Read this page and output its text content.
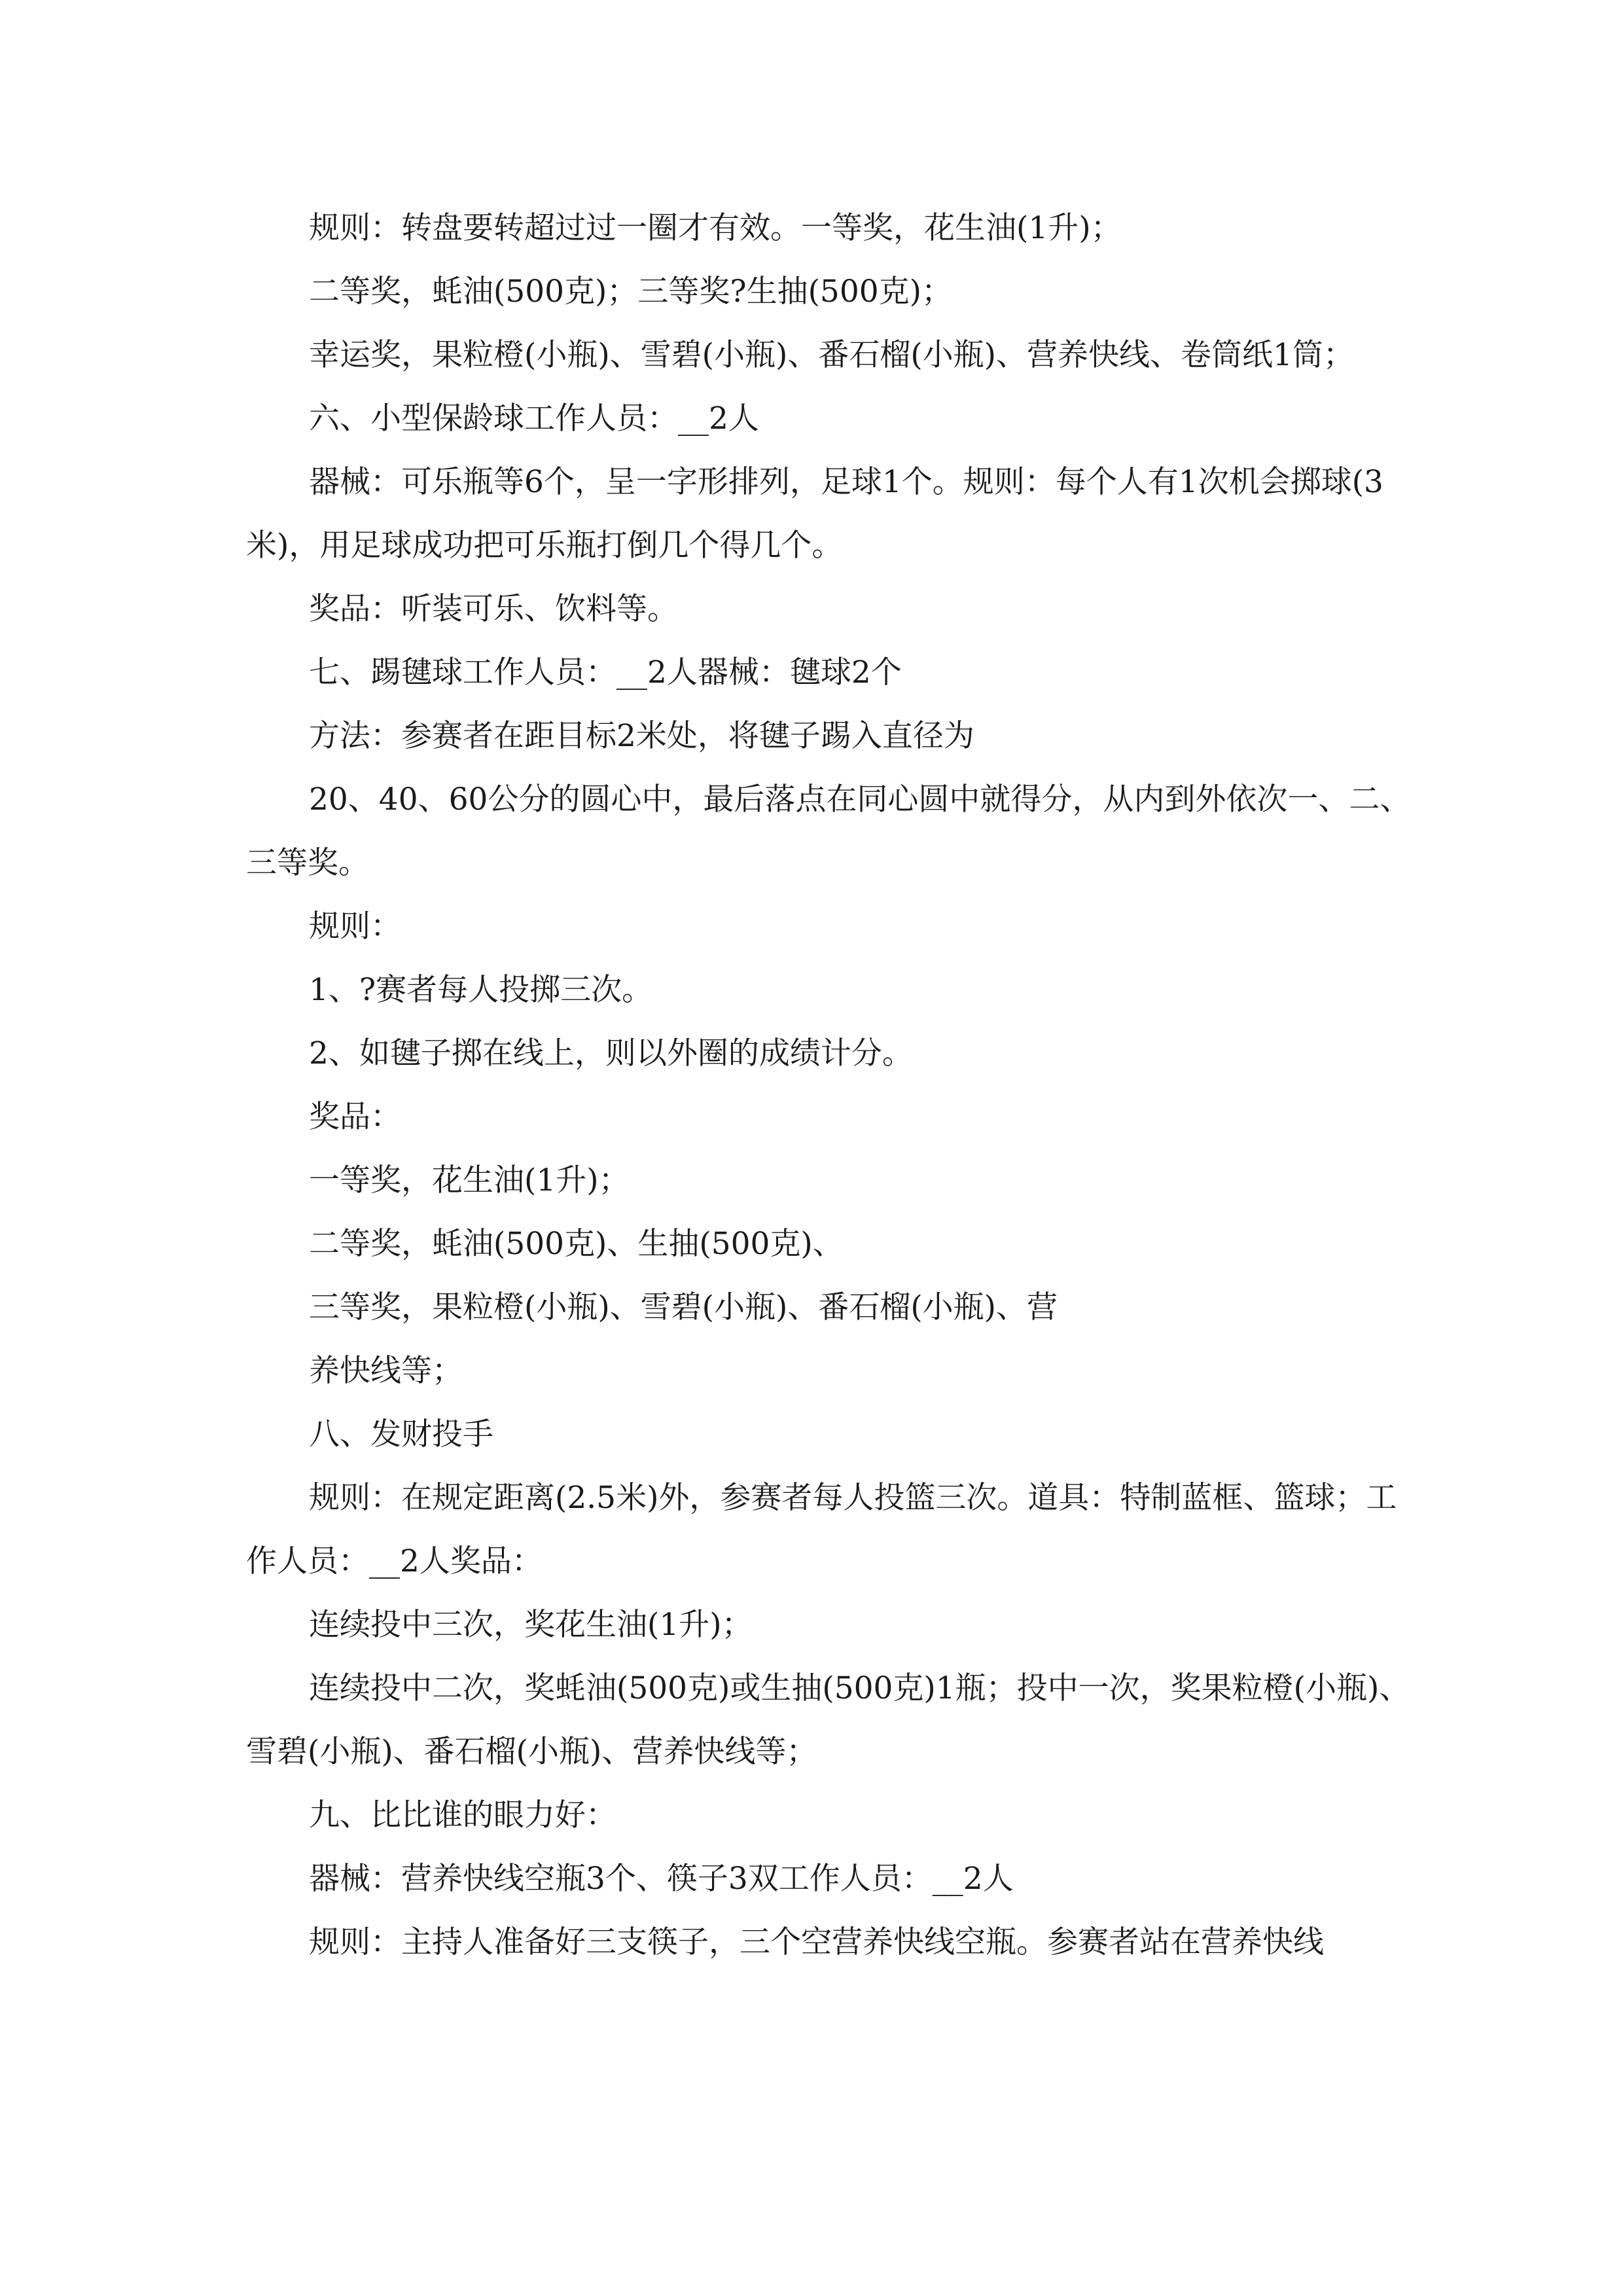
规则：转盘要转超过过一圈才有效。一等奖，花生油(1升)；

二等奖，蚝油(500克)；三等奖?生抽(500克)；

幸运奖，果粒橙(小瓶)、雪碧(小瓶)、番石榴(小瓶)、营养快线、卷筒纸1筒；

六、小型保龄球工作人员：__2人

器械：可乐瓶等6个，呈一字形排列，足球1个。规则：每个人有1次机会掷球(3米)，用足球成功把可乐瓶打倒几个得几个。

奖品：听装可乐、饮料等。

七、踢毽球工作人员：__2人器械：毽球2个

方法：参赛者在距目标2米处，将毽子踢入直径为

20、40、60公分的圆心中，最后落点在同心圆中就得分，从内到外依次一、二、三等奖。

规则：

1、?赛者每人投掷三次。

2、如毽子掷在线上，则以外圈的成绩计分。

奖品：

一等奖，花生油(1升)；

二等奖，蚝油(500克)、生抽(500克)、

三等奖，果粒橙(小瓶)、雪碧(小瓶)、番石榴(小瓶)、营

养快线等；

八、发财投手

规则：在规定距离(2.5米)外，参赛者每人投篮三次。道具：特制蓝框、篮球；工作人员：__2人奖品：

连续投中三次，奖花生油(1升)；

连续投中二次，奖蚝油(500克)或生抽(500克)1瓶；投中一次，奖果粒橙(小瓶)、雪碧(小瓶)、番石榴(小瓶)、营养快线等；

九、比比谁的眼力好：

器械：营养快线空瓶3个、筷子3双工作人员：__2人

规则：主持人准备好三支筷子，三个空营养快线空瓶。参赛者站在营养快线
